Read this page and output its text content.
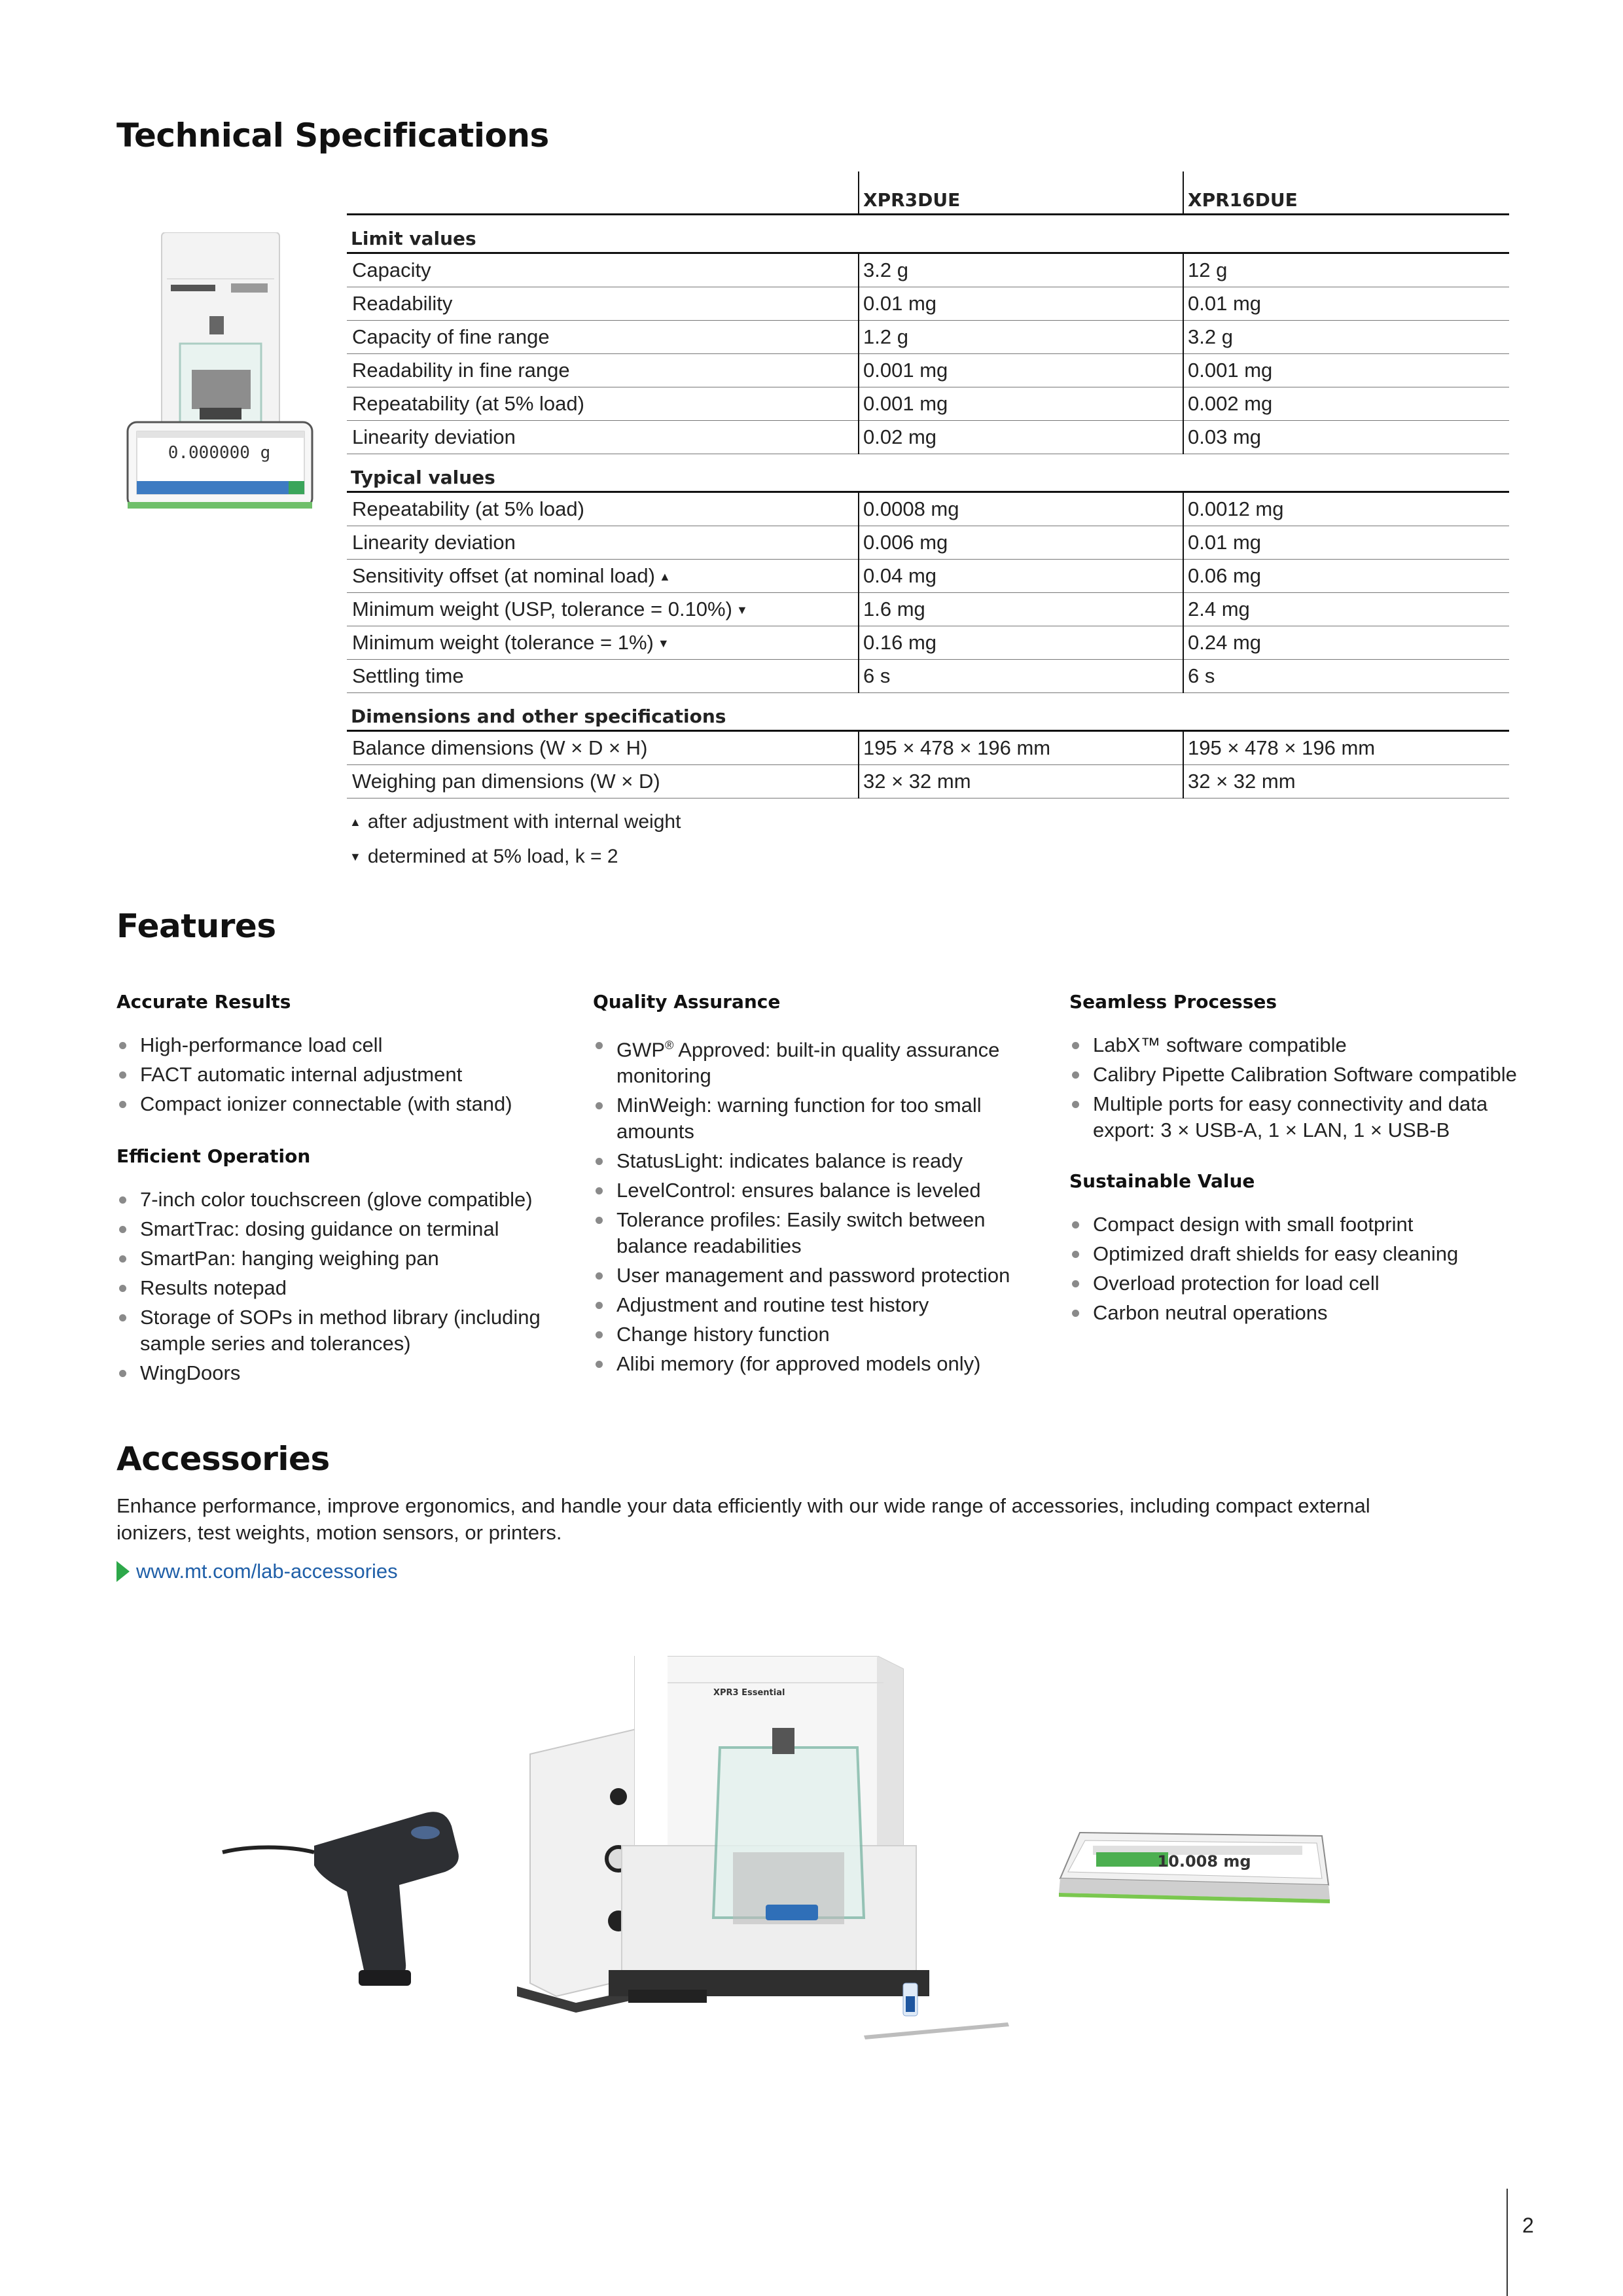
Technical Specifications
0.000000 g
	XPR3DUE	XPR16DUE
Limit values		
Capacity	3.2 g	12 g
Readability	0.01 mg	0.01 mg
Capacity of fine range	1.2 g	3.2 g
Readability in fine range	0.001 mg	0.001 mg
Repeatability (at 5% load)	0.001 mg	0.002 mg
Linearity deviation	0.02 mg	0.03 mg
Typical values		
Repeatability (at 5% load)	0.0008 mg	0.0012 mg
Linearity deviation	0.006 mg	0.01 mg
Sensitivity offset (at nominal load) ▲	0.04 mg	0.06 mg
Minimum weight (USP, tolerance = 0.10%) ▼	1.6 mg	2.4 mg
Minimum weight (tolerance = 1%) ▼	0.16 mg	0.24 mg
Settling time	6 s	6 s
Dimensions and other specifications		
Balance dimensions (W × D × H)	195 × 478 × 196 mm	195 × 478 × 196 mm
Weighing pan dimensions (W × D)	32 × 32 mm	32 × 32 mm
▲ after adjustment with internal weight
▼ determined at 5% load, k = 2
Features
Accurate Results
High-performance load cell
FACT automatic internal adjustment
Compact ionizer connectable (with stand)
Efficient Operation
7-inch color touchscreen (glove compatible)
SmartTrac: dosing guidance on terminal
SmartPan: hanging weighing pan
Results notepad
Storage of SOPs in method library (including sample series and tolerances)
WingDoors
Quality Assurance
GWP® Approved: built-in quality assurance monitoring
MinWeigh: warning function for too small amounts
StatusLight: indicates balance is ready
LevelControl: ensures balance is leveled
Tolerance profiles: Easily switch between balance readabilities
User management and password protection
Adjustment and routine test history
Change history function
Alibi memory (for approved models only)
Seamless Processes
LabX™ software compatible
Calibry Pipette Calibration Software compatible
Multiple ports for easy connectivity and data export: 3 × USB-A, 1 × LAN, 1 × USB-B
Sustainable Value
Compact design with small footprint
Optimized draft shields for easy cleaning
Overload protection for load cell
Carbon neutral operations
Accessories

Enhance performance, improve ergonomics, and handle your data efficiently with our wide range of accessories, including compact external ionizers, test weights, motion sensors, or printers.

www.mt.com/lab-accessories
XPR3 Essential
10.008 mg
2
